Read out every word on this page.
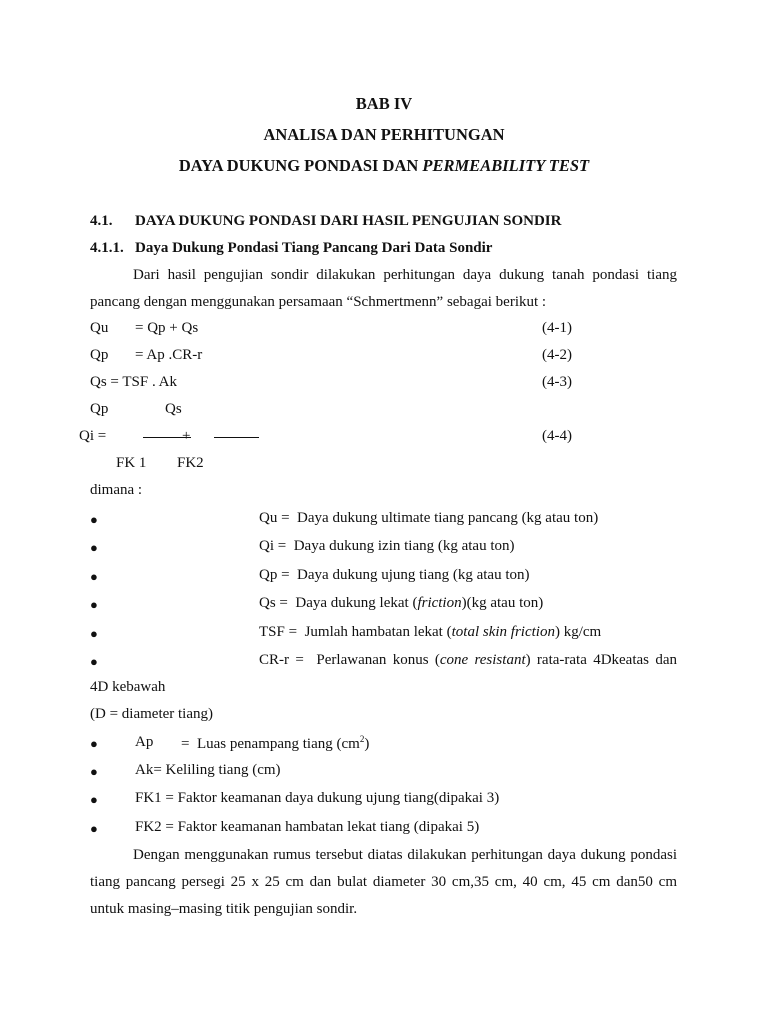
BAB IV
ANALISA DAN PERHITUNGAN
DAYA DUKUNG PONDASI DAN PERMEABILITY TEST
4.1. DAYA DUKUNG PONDASI DARI HASIL PENGUJIAN SONDIR
4.1.1. Daya Dukung Pondasi Tiang Pancang Dari Data Sondir
Dari hasil pengujian sondir dilakukan perhitungan daya dukung tanah pondasi tiang pancang dengan menggunakan persamaan “Schmertmenn” sebagai berikut :
Qu = Qp + Qs	(4-1)
Qp = Ap .CR-r	(4-2)
Qs = TSF . Ak	(4-3)
Qp	Qs
Qi =	+	(4-4)
FK 1 FK2
dimana :
●	Qu = Daya dukung ultimate tiang pancang (kg atau ton)
●	Qi = Daya dukung izin tiang (kg atau ton)
●	Qp = Daya dukung ujung tiang (kg atau ton)
●	Qs = Daya dukung lekat (friction)(kg atau ton)
●	TSF = Jumlah hambatan lekat (total skin friction) kg/cm
●	CR-r = Perlawanan konus (cone resistant) rata-rata 4Dkeatas dan
4D kebawah
(D = diameter tiang)
● Ap = Luas penampang tiang $(cm^2)$
● Ak= Keliling tiang (cm)
● FK1 = Faktor keamanan daya dukung ujung tiang(dipakai 3)
● FK2 = Faktor keamanan hambatan lekat tiang (dipakai 5)
Dengan menggunakan rumus tersebut diatas dilakukan perhitungan daya dukung pondasi tiang pancang persegi 25 x 25 cm dan bulat diameter 30 cm,35 cm, 40 cm, 45 cm dan50 cm untuk masing–masing titik pengujian sondir.
